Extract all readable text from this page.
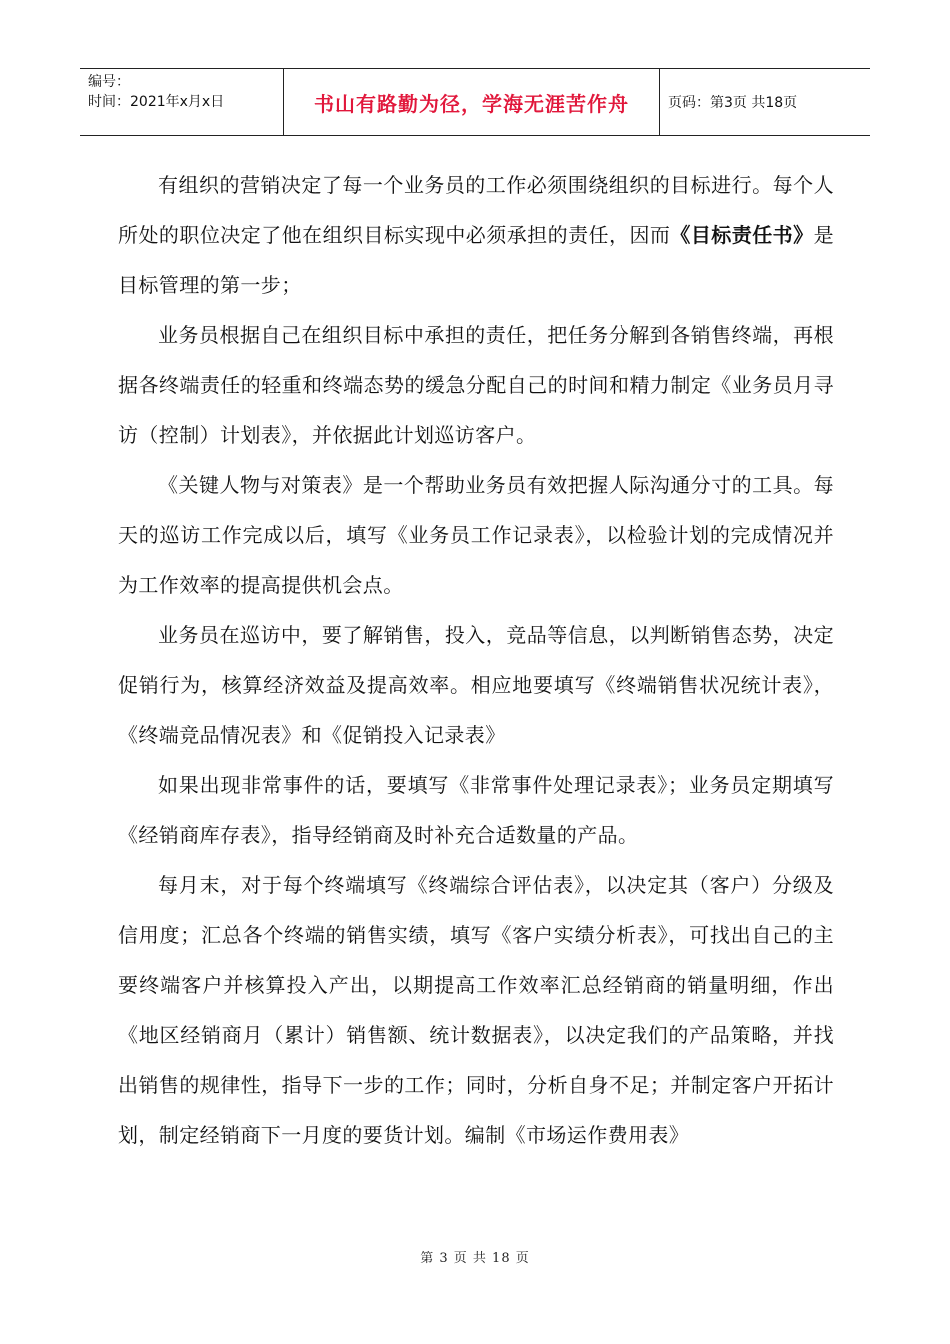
编号：
时间：2021年x月x日	书山有路勤为径，学海无涯苦作舟	页码：第3页 共18页

有组织的营销决定了每一个业务员的工作必须围绕组织的目标进行。每个人所处的职位决定了他在组织目标实现中必须承担的责任，因而《目标责任书》是目标管理的第一步；

业务员根据自己在组织目标中承担的责任，把任务分解到各销售终端，再根据各终端责任的轻重和终端态势的缓急分配自己的时间和精力制定《业务员月寻访（控制）计划表》，并依据此计划巡访客户。

《关键人物与对策表》是一个帮助业务员有效把握人际沟通分寸的工具。每天的巡访工作完成以后，填写《业务员工作记录表》，以检验计划的完成情况并为工作效率的提高提供机会点。

业务员在巡访中，要了解销售，投入，竞品等信息，以判断销售态势，决定促销行为，核算经济效益及提高效率。相应地要填写《终端销售状况统计表》，《终端竞品情况表》和《促销投入记录表》

如果出现非常事件的话，要填写《非常事件处理记录表》；业务员定期填写《经销商库存表》，指导经销商及时补充合适数量的产品。

每月末，对于每个终端填写《终端综合评估表》，以决定其（客户）分级及信用度；汇总各个终端的销售实绩，填写《客户实绩分析表》，可找出自己的主要终端客户并核算投入产出，以期提高工作效率汇总经销商的销量明细，作出《地区经销商月（累计）销售额、统计数据表》，以决定我们的产品策略，并找出销售的规律性，指导下一步的工作；同时，分析自身不足；并制定客户开拓计划，制定经销商下一月度的要货计划。编制《市场运作费用表》

第 3 页 共 18 页
